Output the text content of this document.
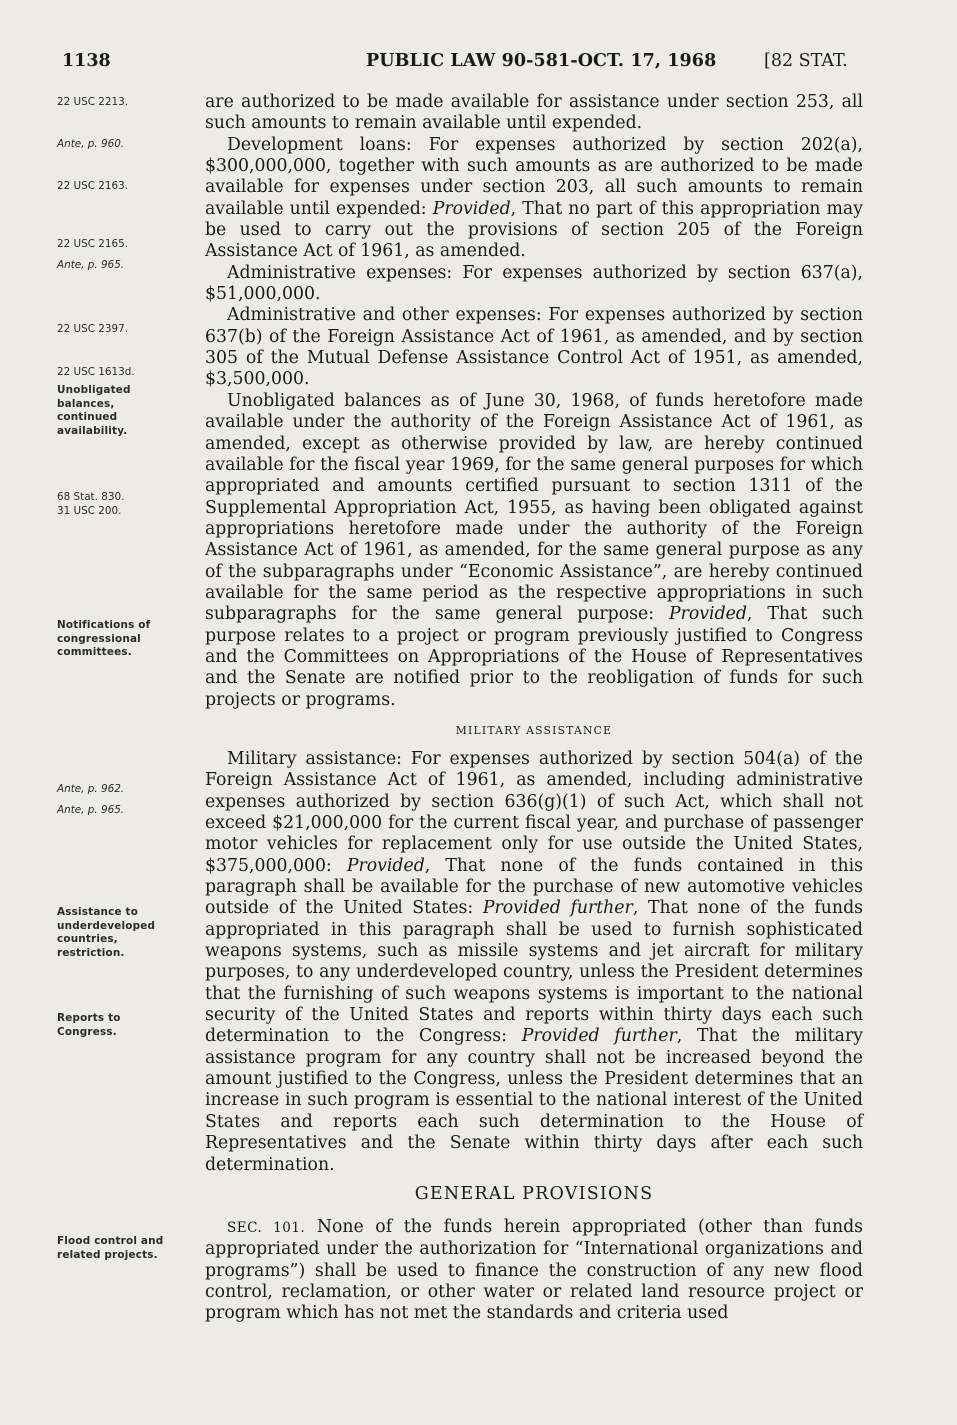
1138	PUBLIC LAW 90-581-OCT. 17, 1968	[82 STAT.
22 USC 2213.
Ante, p. 960.
22 USC 2163.
22 USC 2165.
Ante, p. 965.
22 USC 2397.
22 USC 1613d.
Unobligated balances, continued availability.
68 Stat. 830.
31 USC 200.
Notifications of congressional committees.
Ante, p. 962.
Ante, p. 965.
Assistance to underdeveloped countries, restriction.
Reports to Congress.
Flood control and related projects.

are authorized to be made available for assistance under section 253, all such amounts to remain available until expended.

Development loans: For expenses authorized by section 202(a), $300,000,000, together with such amounts as are authorized to be made available for expenses under section 203, all such amounts to remain available until expended: Provided, That no part of this appropriation may be used to carry out the provisions of section 205 of the Foreign Assistance Act of 1961, as amended.

Administrative expenses: For expenses authorized by section 637(a), $51,000,000.

Administrative and other expenses: For expenses authorized by section 637(b) of the Foreign Assistance Act of 1961, as amended, and by section 305 of the Mutual Defense Assistance Control Act of 1951, as amended, $3,500,000.

Unobligated balances as of June 30, 1968, of funds heretofore made available under the authority of the Foreign Assistance Act of 1961, as amended, except as otherwise provided by law, are hereby continued available for the fiscal year 1969, for the same general purposes for which appropriated and amounts certified pursuant to section 1311 of the Supplemental Appropriation Act, 1955, as having been obligated against appropriations heretofore made under the authority of the Foreign Assistance Act of 1961, as amended, for the same general purpose as any of the subparagraphs under “Economic Assistance”, are hereby continued available for the same period as the respective appropriations in such subparagraphs for the same general purpose: Provided, That such purpose relates to a project or program previously justified to Congress and the Committees on Appropriations of the House of Representatives and the Senate are notified prior to the reobligation of funds for such projects or programs.

MILITARY ASSISTANCE

Military assistance: For expenses authorized by section 504(a) of the Foreign Assistance Act of 1961, as amended, including administrative expenses authorized by section 636(g)(1) of such Act, which shall not exceed $21,000,000 for the current fiscal year, and purchase of passenger motor vehicles for replacement only for use outside the United States, $375,000,000: Provided, That none of the funds contained in this paragraph shall be available for the purchase of new automotive vehicles outside of the United States: Provided further, That none of the funds appropriated in this paragraph shall be used to furnish sophisticated weapons systems, such as missile systems and jet aircraft for military purposes, to any underdeveloped country, unless the President determines that the furnishing of such weapons systems is important to the national security of the United States and reports within thirty days each such determination to the Congress: Provided further, That the military assistance program for any country shall not be increased beyond the amount justified to the Congress, unless the President determines that an increase in such program is essential to the national interest of the United States and reports each such determination to the House of Representatives and the Senate within thirty days after each such determination.

GENERAL PROVISIONS

SEC. 101. None of the funds herein appropriated (other than funds appropriated under the authorization for “International organizations and programs”) shall be used to finance the construction of any new flood control, reclamation, or other water or related land resource project or program which has not met the standards and criteria used
